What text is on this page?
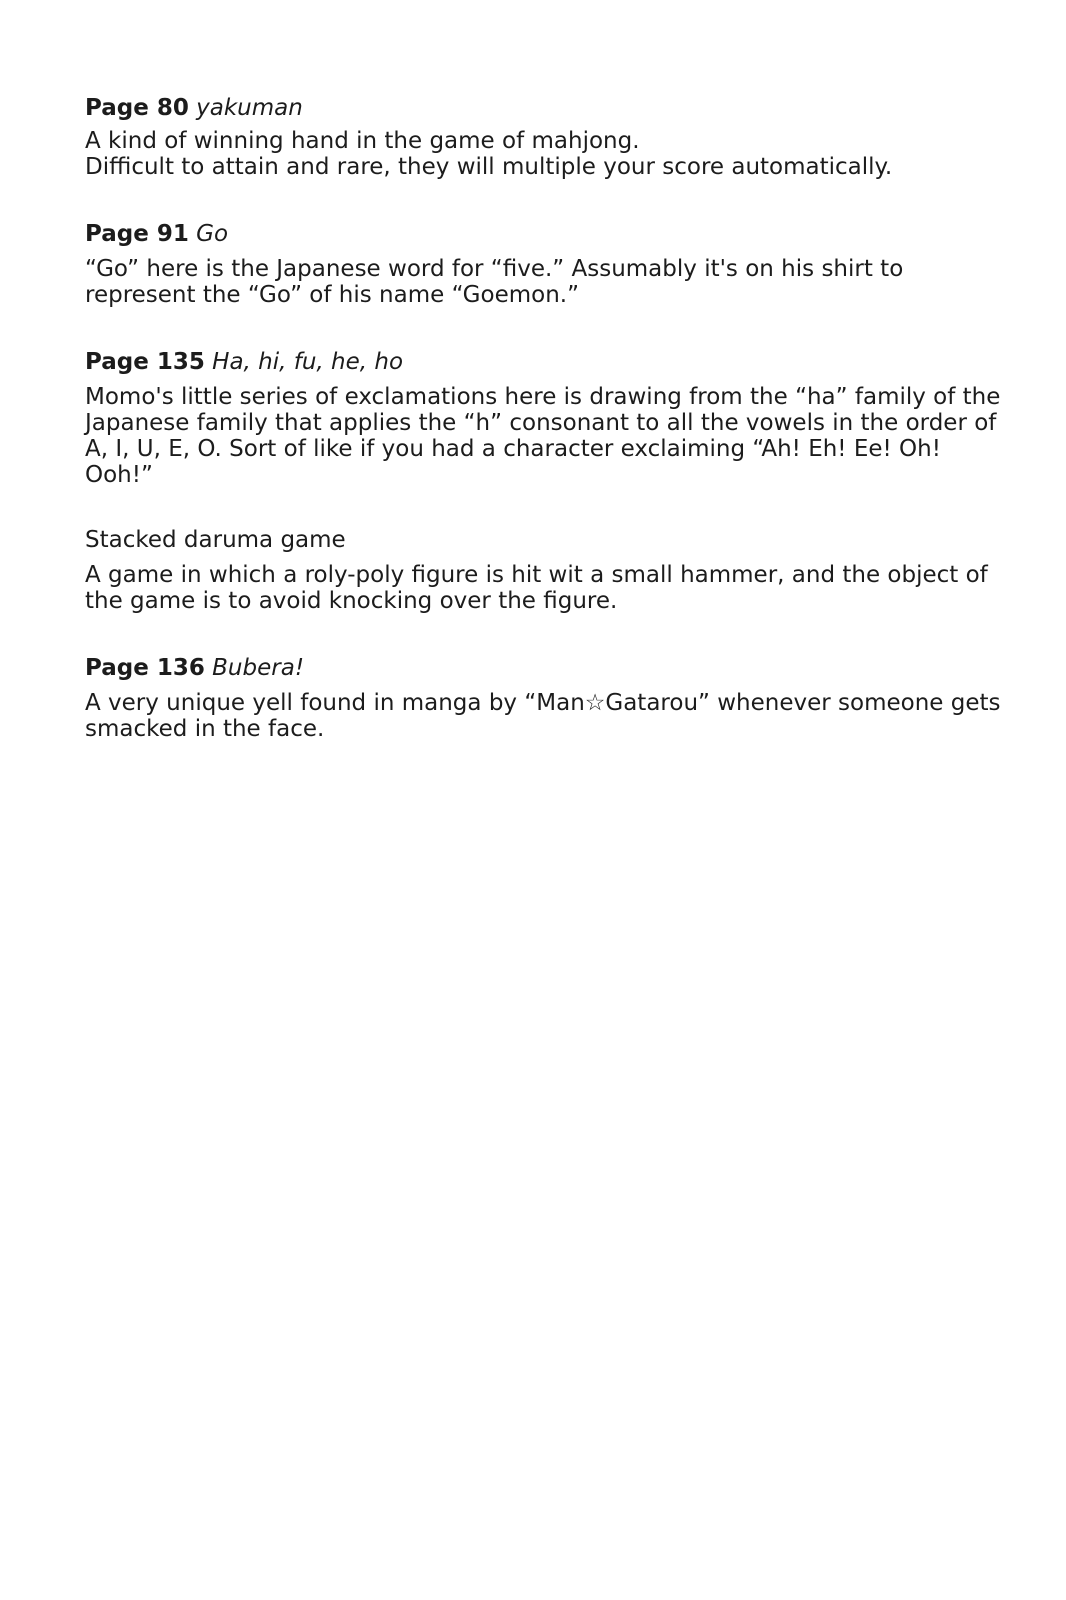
Page 80 yakuman

A kind of winning hand in the game of mahjong.

Difficult to attain and rare, they will multiple your score automatically.

Page 91 Go

“Go” here is the Japanese word for “five.” Assumably it's on his shirt to represent the “Go” of his name “Goemon.”

Page 135 Ha, hi, fu, he, ho

Momo's little series of exclamations here is drawing from the “ha” family of the Japanese family that applies the “h” consonant to all the vowels in the order of A, I, U, E, O. Sort of like if you had a character exclaiming “Ah! Eh! Ee! Oh! Ooh!”

Stacked daruma game

A game in which a roly-poly figure is hit wit a small hammer, and the object of the game is to avoid knocking over the figure.

Page 136 Bubera!

A very unique yell found in manga by “Man☆Gatarou” whenever someone gets smacked in the face.
